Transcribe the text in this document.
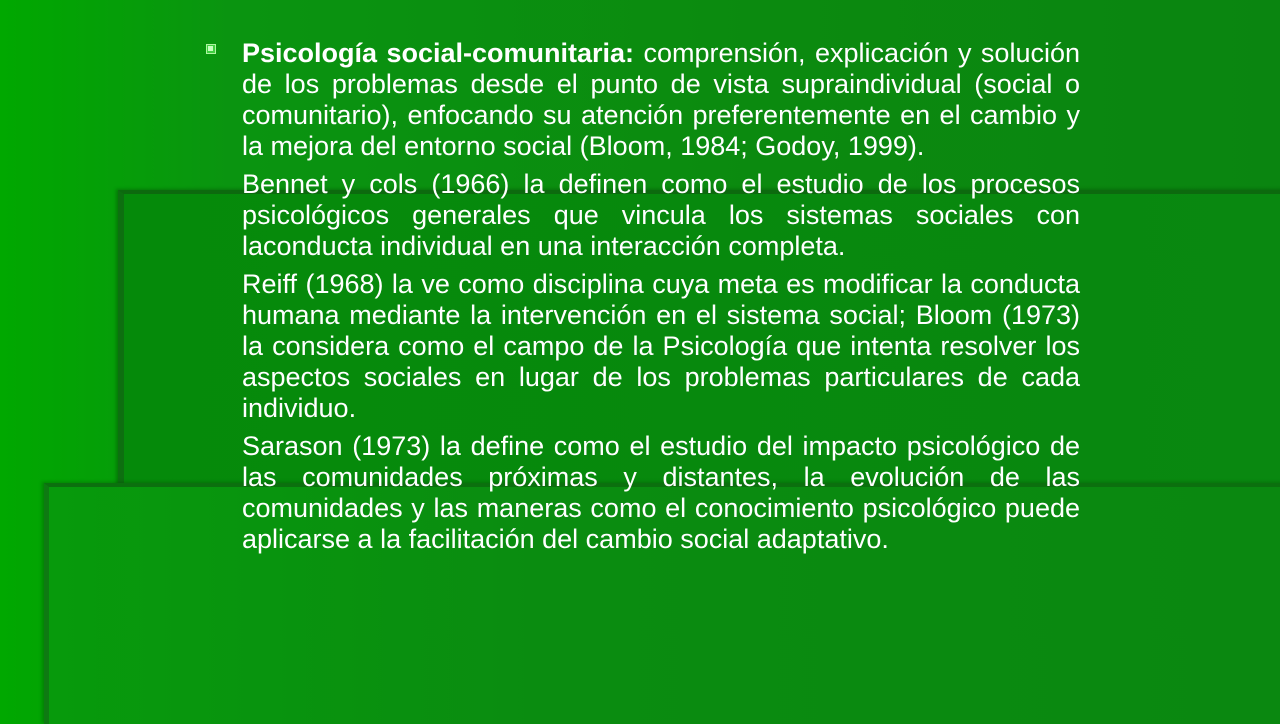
Psicología social-comunitaria: comprensión, explicación y solución de los problemas desde el punto de vista supraindividual (social o comunitario), enfocando su atención preferentemente en el cambio y la mejora del entorno social (Bloom, 1984; Godoy, 1999).

Bennet y cols (1966) la definen como el estudio de los procesos psicológicos generales que vincula los sistemas sociales con laconducta individual en una interacción completa.

Reiff (1968) la ve como disciplina cuya meta es modificar la conducta humana mediante la intervención en el sistema social; Bloom (1973) la considera como el campo de la Psicología que intenta resolver los aspectos sociales en lugar de los problemas particulares de cada individuo.

Sarason (1973) la define como el estudio del impacto psicológico de las comunidades próximas y distantes, la evolución de las comunidades y las maneras como el conocimiento psicológico puede aplicarse a la facilitación del cambio social adaptativo.
